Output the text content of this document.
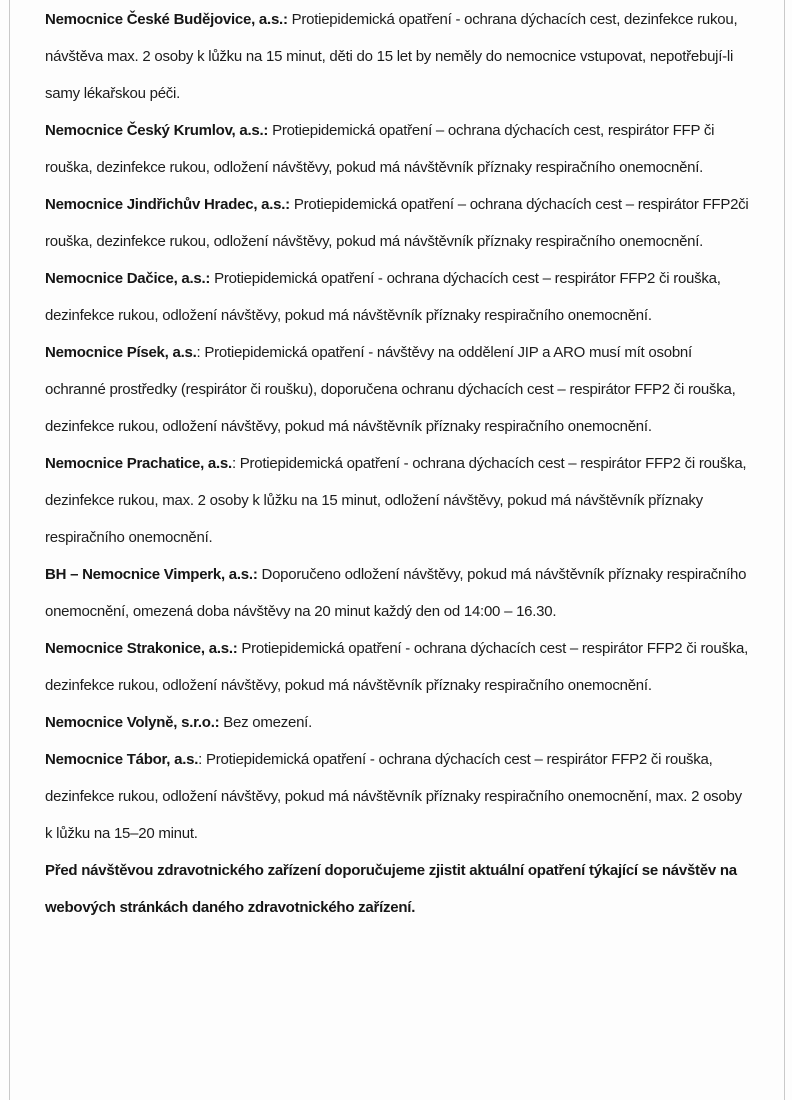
Nemocnice České Budějovice, a.s.: Protiepidemická opatření - ochrana dýchacích cest, dezinfekce rukou, návštěva max. 2 osoby k lůžku na 15 minut, děti do 15 let by neměly do nemocnice vstupovat, nepotřebují-li samy lékařskou péči.

Nemocnice Český Krumlov, a.s.: Protiepidemická opatření – ochrana dýchacích cest, respirátor FFP či rouška, dezinfekce rukou, odložení návštěvy, pokud má návštěvník příznaky respiračního onemocnění.

Nemocnice Jindřichův Hradec, a.s.: Protiepidemická opatření – ochrana dýchacích cest – respirátor FFP2či rouška, dezinfekce rukou, odložení návštěvy, pokud má návštěvník příznaky respiračního onemocnění.

Nemocnice Dačice, a.s.: Protiepidemická opatření - ochrana dýchacích cest – respirátor FFP2 či rouška, dezinfekce rukou, odložení návštěvy, pokud má návštěvník příznaky respiračního onemocnění.

Nemocnice Písek, a.s.: Protiepidemická opatření - návštěvy na oddělení JIP a ARO musí mít osobní ochranné prostředky (respirátor či roušku), doporučena ochranu dýchacích cest – respirátor FFP2 či rouška, dezinfekce rukou, odložení návštěvy, pokud má návštěvník příznaky respiračního onemocnění.

Nemocnice Prachatice, a.s.: Protiepidemická opatření - ochrana dýchacích cest – respirátor FFP2 či rouška, dezinfekce rukou, max. 2 osoby k lůžku na 15 minut, odložení návštěvy, pokud má návštěvník příznaky respiračního onemocnění.

BH – Nemocnice Vimperk, a.s.: Doporučeno odložení návštěvy, pokud má návštěvník příznaky respiračního onemocnění, omezená doba návštěvy na 20 minut každý den od 14:00 – 16.30.

Nemocnice Strakonice, a.s.: Protiepidemická opatření - ochrana dýchacích cest – respirátor FFP2 či rouška, dezinfekce rukou, odložení návštěvy, pokud má návštěvník příznaky respiračního onemocnění.

Nemocnice Volyně, s.r.o.: Bez omezení.

Nemocnice Tábor, a.s.: Protiepidemická opatření - ochrana dýchacích cest – respirátor FFP2 či rouška, dezinfekce rukou, odložení návštěvy, pokud má návštěvník příznaky respiračního onemocnění, max. 2 osoby k lůžku na 15–20 minut.

Před návštěvou zdravotnického zařízení doporučujeme zjistit aktuální opatření týkající se návštěv na webových stránkách daného zdravotnického zařízení.
